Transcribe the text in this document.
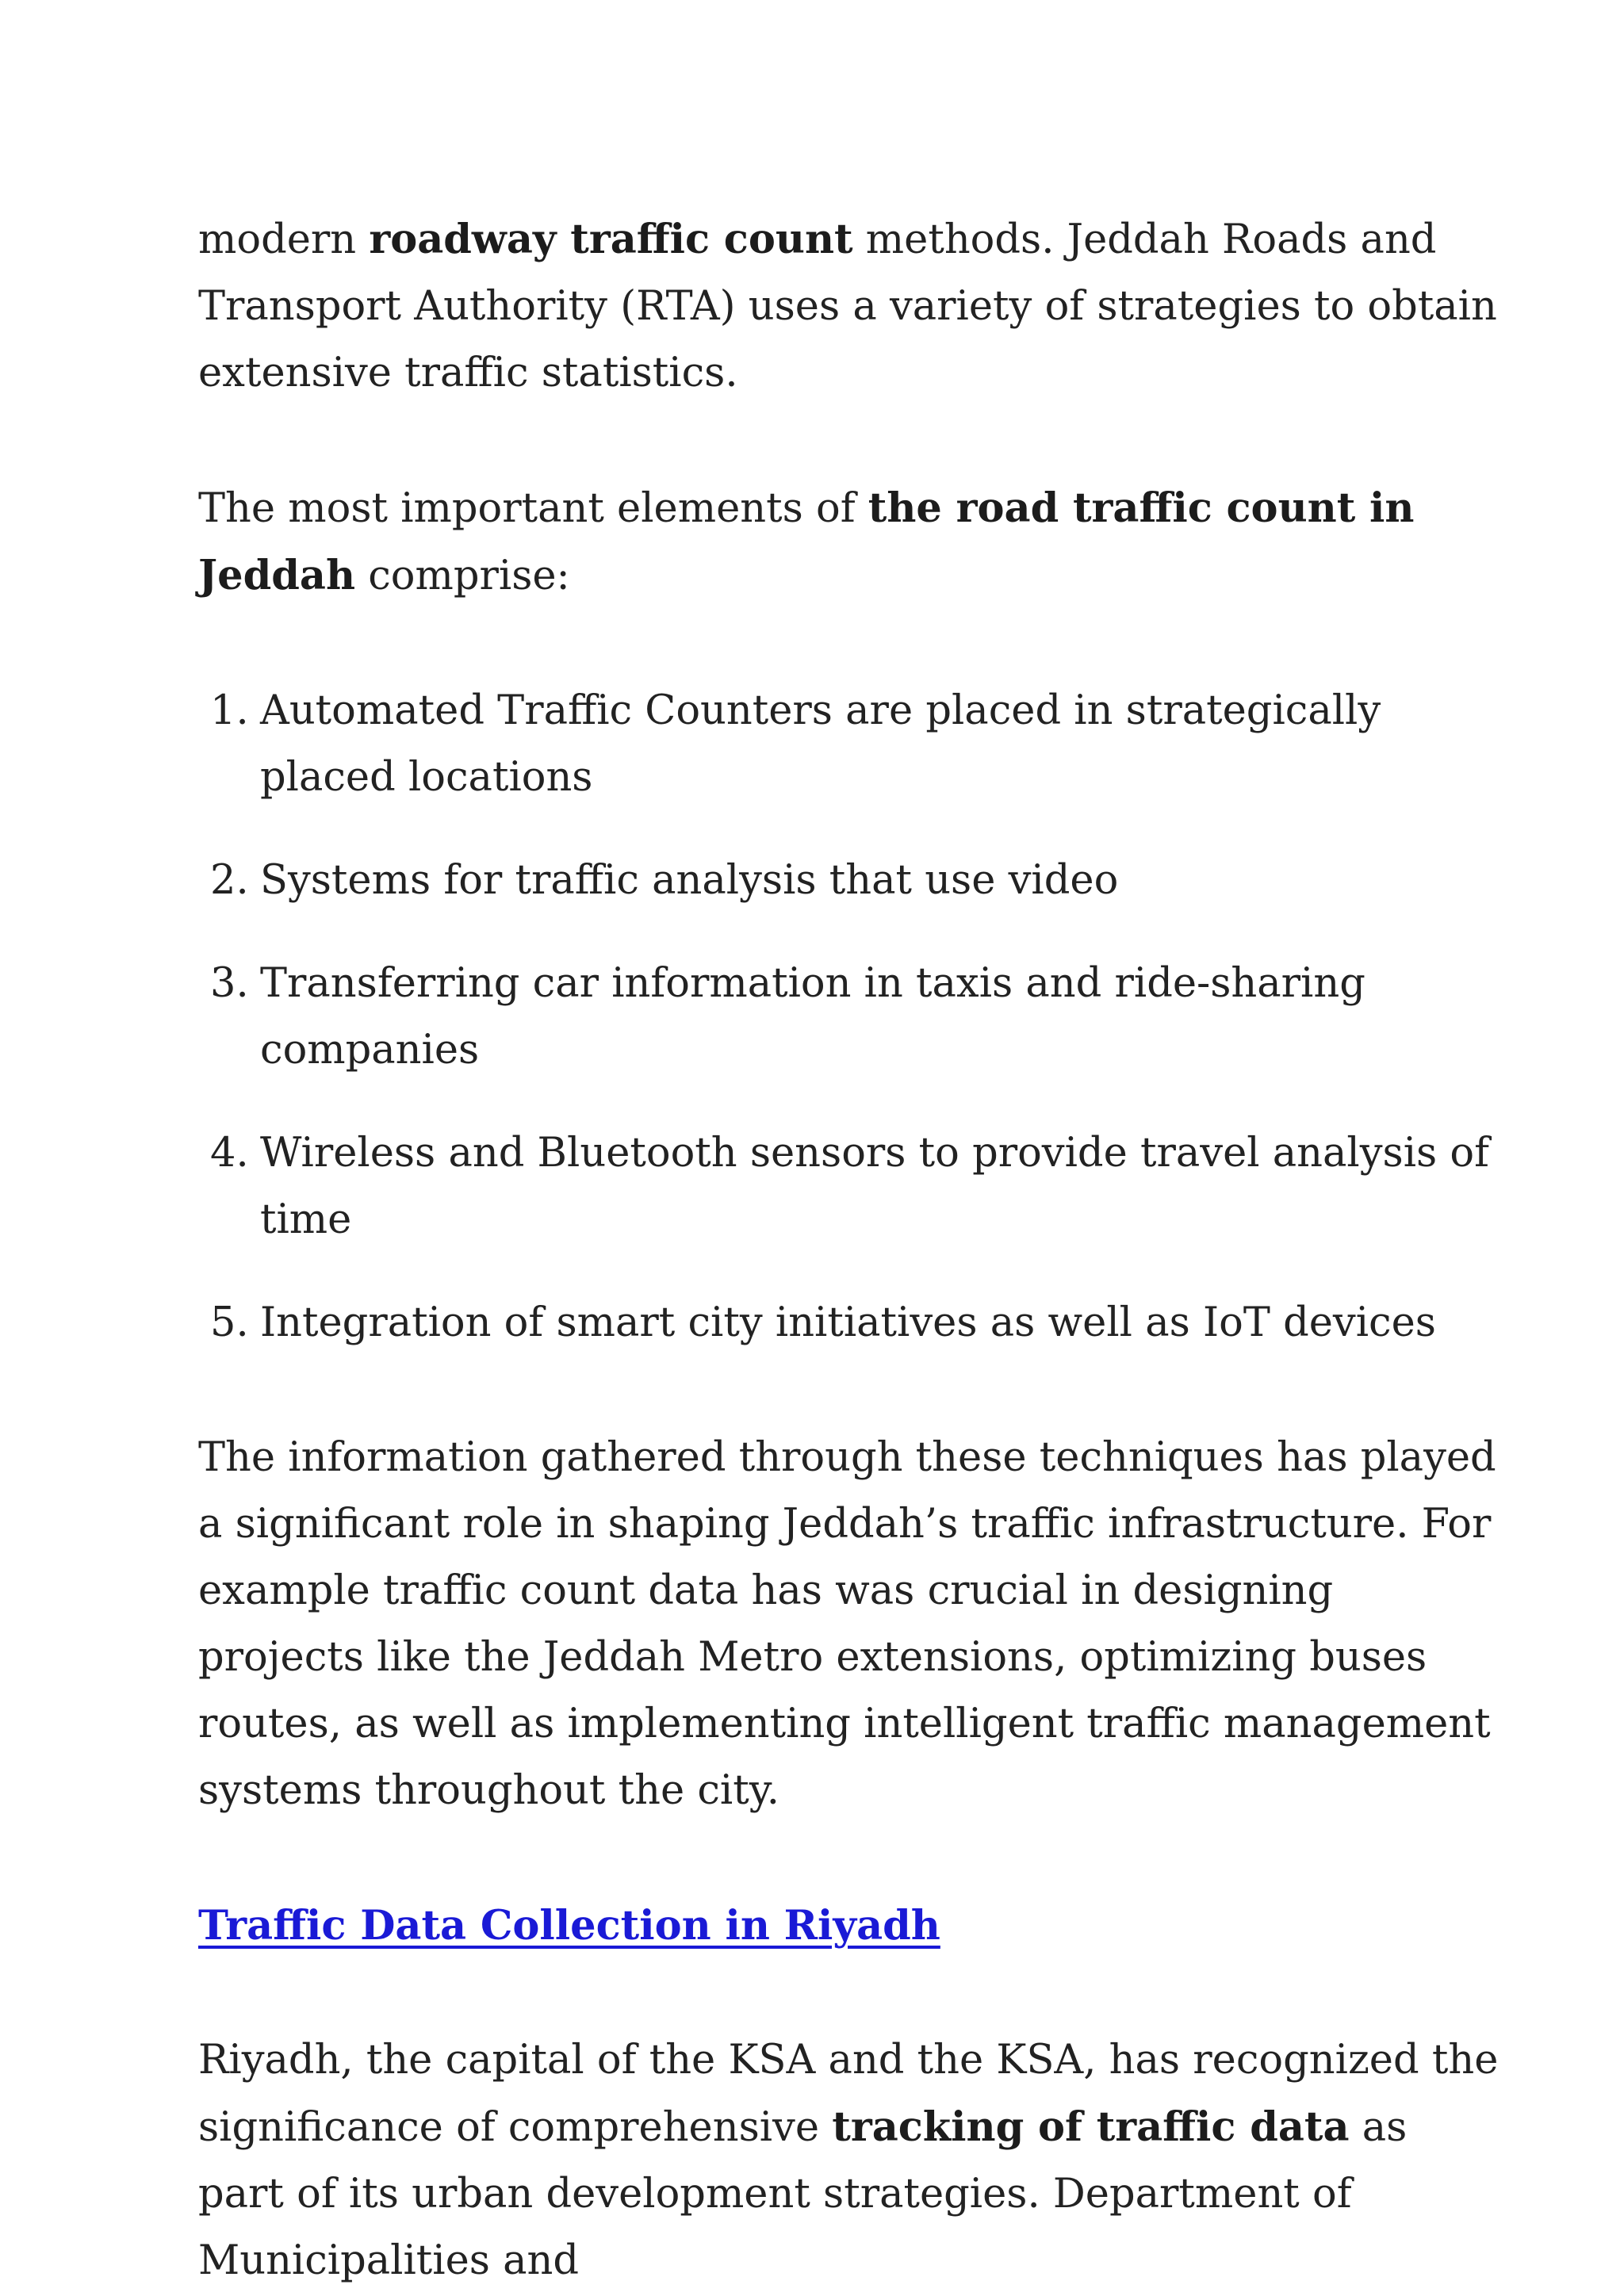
modern roadway traffic count methods. Jeddah Roads and Transport Authority (RTA) uses a variety of strategies to obtain extensive traffic statistics.

The most important elements of the road traffic count in Jeddah comprise:

1. Automated Traffic Counters are placed in strategically placed locations
2. Systems for traffic analysis that use video
3. Transferring car information in taxis and ride-sharing companies
4. Wireless and Bluetooth sensors to provide travel analysis of time
5. Integration of smart city initiatives as well as IoT devices

The information gathered through these techniques has played a significant role in shaping Jeddah’s traffic infrastructure. For example traffic count data has was crucial in designing projects like the Jeddah Metro extensions, optimizing buses routes, as well as implementing intelligent traffic management systems throughout the city.

Traffic Data Collection in Riyadh

Riyadh, the capital of the KSA and the KSA, has recognized the significance of comprehensive tracking of traffic data as part of its urban development strategies. Department of Municipalities and
